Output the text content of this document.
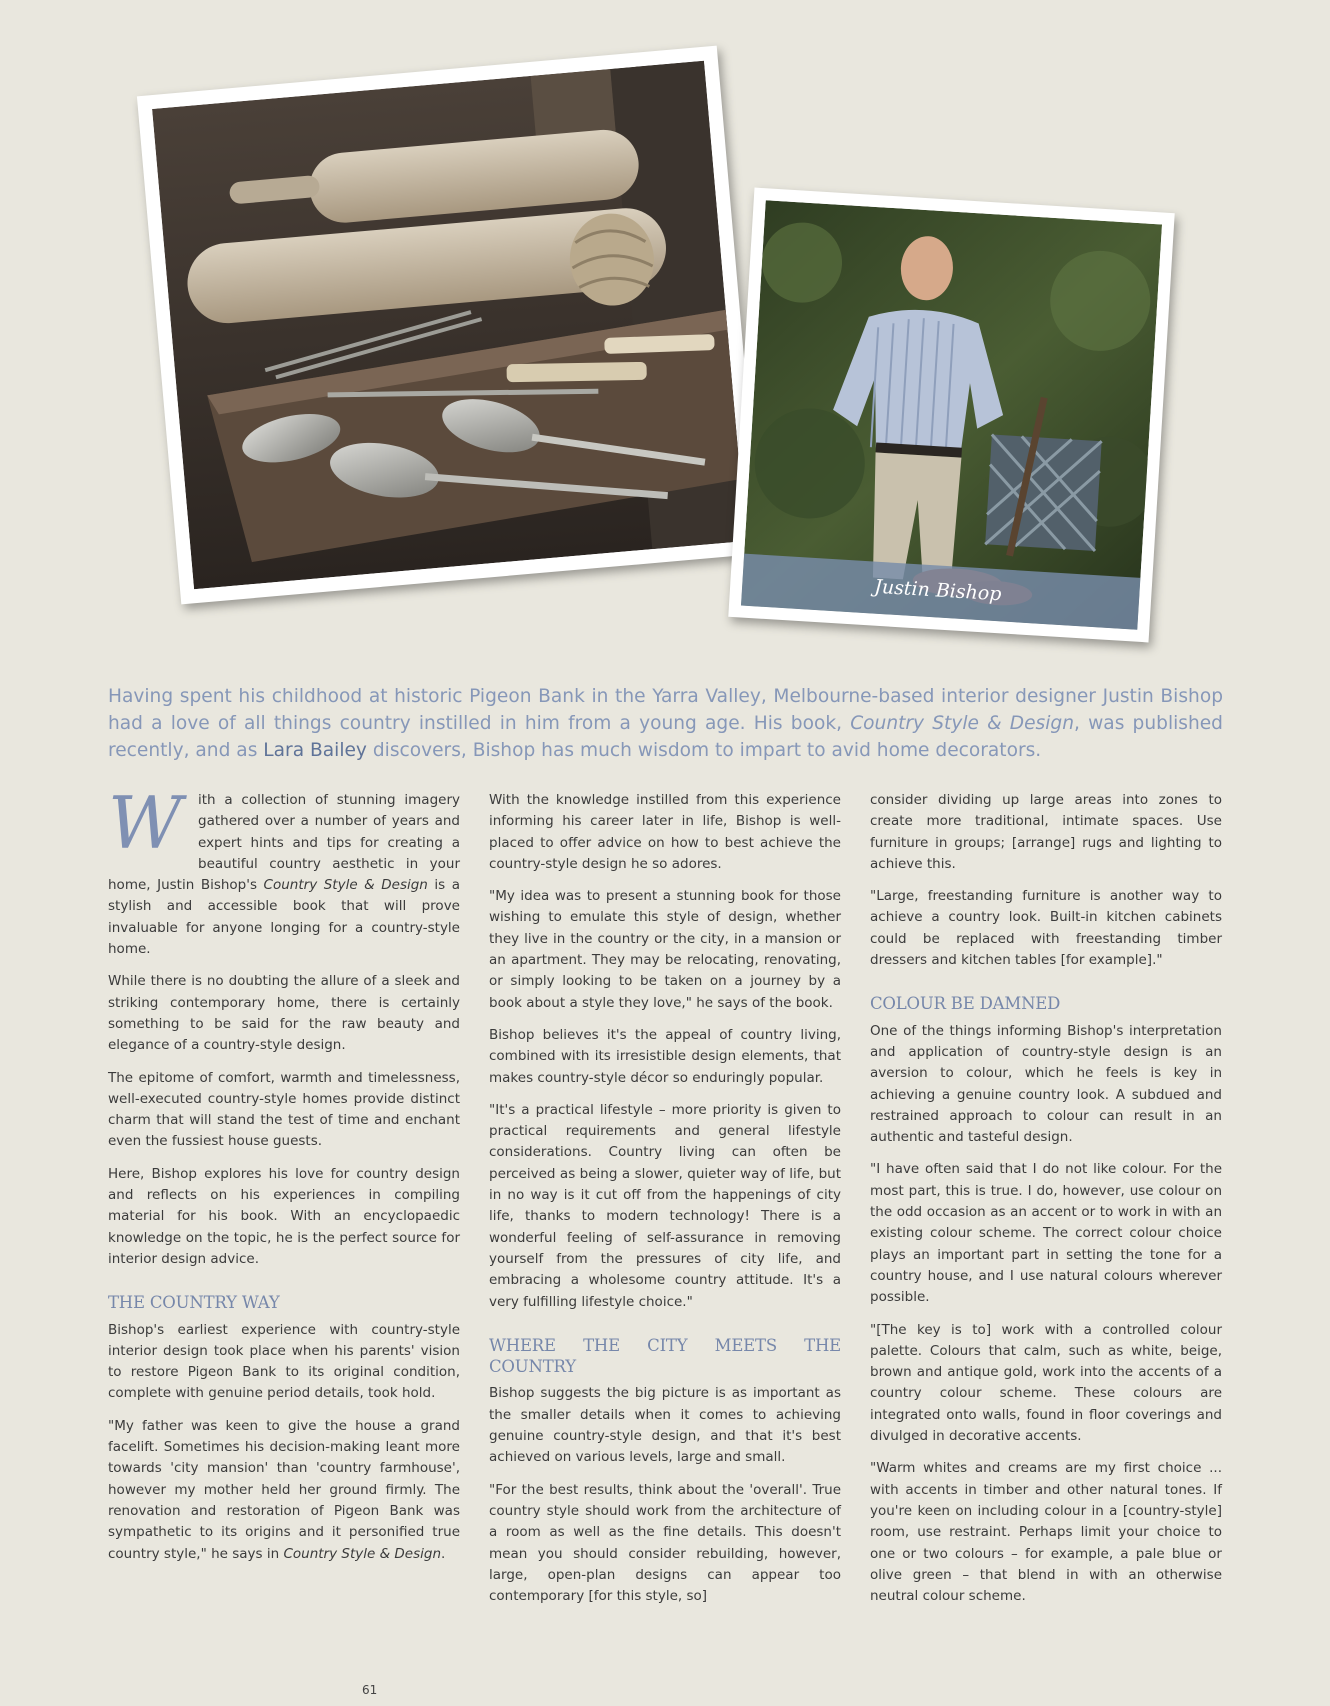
Justin Bishop
Having spent his childhood at historic Pigeon Bank in the Yarra Valley, Melbourne-based interior designer Justin Bishop had a love of all things country instilled in him from a young age. His book, Country Style & Design, was published recently, and as Lara Bailey discovers, Bishop has much wisdom to impart to avid home decorators.

W	ith a collection of stunning imagery gathered over a number of years and expert hints and tips for creating a beautiful country aesthetic in your home, Justin Bishop's Country Style & Design is a stylish and accessible book that will prove invaluable for anyone longing for a country-style home.

While there is no doubting the allure of a sleek and striking contemporary home, there is certainly something to be said for the raw beauty and elegance of a country-style design.

The epitome of comfort, warmth and timelessness, well-executed country-style homes provide distinct charm that will stand the test of time and enchant even the fussiest house guests.

Here, Bishop explores his love for country design and reflects on his experiences in compiling material for his book. With an encyclopaedic knowledge on the topic, he is the perfect source for interior design advice.

THE COUNTRY WAY

Bishop's earliest experience with country-style interior design took place when his parents' vision to restore Pigeon Bank to its original condition, complete with genuine period details, took hold.

"My father was keen to give the house a grand facelift. Sometimes his decision-making leant more towards 'city mansion' than 'country farmhouse', however my mother held her ground firmly. The renovation and restoration of Pigeon Bank was sympathetic to its origins and it personified true country style," he says in Country Style & Design.

With the knowledge instilled from this experience informing his career later in life, Bishop is well-placed to offer advice on how to best achieve the country-style design he so adores.

"My idea was to present a stunning book for those wishing to emulate this style of design, whether they live in the country or the city, in a mansion or an apartment. They may be relocating, renovating, or simply looking to be taken on a journey by a book about a style they love," he says of the book.

Bishop believes it's the appeal of country living, combined with its irresistible design elements, that makes country-style décor so enduringly popular.

"It's a practical lifestyle – more priority is given to practical requirements and general lifestyle considerations. Country living can often be perceived as being a slower, quieter way of life, but in no way is it cut off from the happenings of city life, thanks to modern technology! There is a wonderful feeling of self-assurance in removing yourself from the pressures of city life, and embracing a wholesome country attitude. It's a very fulfilling lifestyle choice."

WHERE THE CITY MEETS THE COUNTRY

Bishop suggests the big picture is as important as the smaller details when it comes to achieving genuine country-style design, and that it's best achieved on various levels, large and small.

"For the best results, think about the 'overall'. True country style should work from the architecture of a room as well as the fine details. This doesn't mean you should consider rebuilding, however, large, open-plan designs can appear too contemporary [for this style, so]

consider dividing up large areas into zones to create more traditional, intimate spaces. Use furniture in groups; [arrange] rugs and lighting to achieve this.

"Large, freestanding furniture is another way to achieve a country look. Built-in kitchen cabinets could be replaced with freestanding timber dressers and kitchen tables [for example]."

COLOUR BE DAMNED

One of the things informing Bishop's interpretation and application of country-style design is an aversion to colour, which he feels is key in achieving a genuine country look. A subdued and restrained approach to colour can result in an authentic and tasteful design.

"I have often said that I do not like colour. For the most part, this is true. I do, however, use colour on the odd occasion as an accent or to work in with an existing colour scheme. The correct colour choice plays an important part in setting the tone for a country house, and I use natural colours wherever possible.

"[The key is to] work with a controlled colour palette. Colours that calm, such as white, beige, brown and antique gold, work into the accents of a country colour scheme. These colours are integrated onto walls, found in floor coverings and divulged in decorative accents.

"Warm whites and creams are my first choice ... with accents in timber and other natural tones. If you're keen on including colour in a [country-style] room, use restraint. Perhaps limit your choice to one or two colours – for example, a pale blue or olive green – that blend in with an otherwise neutral colour scheme.

61
